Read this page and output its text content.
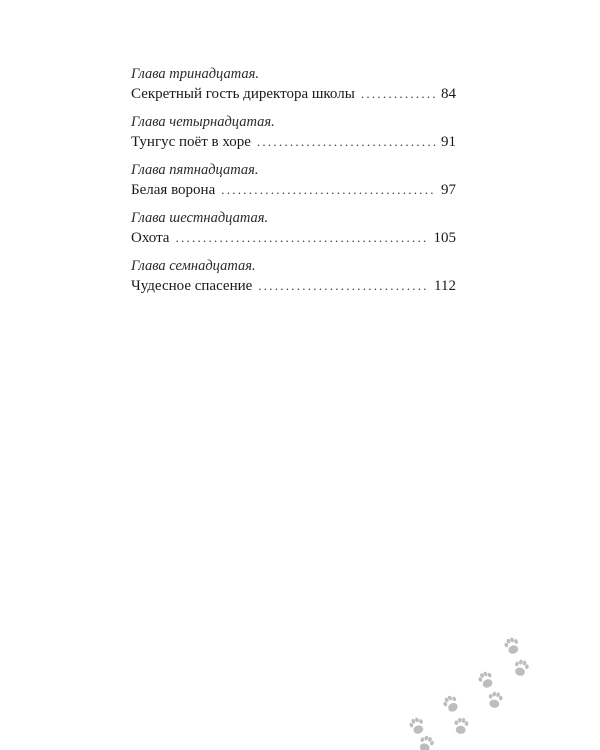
Глава тринадцатая.
Секретный гость директора школы . . .	84
Глава четырнадцатая.
Тунгус поёт в хоре . . .	91
Глава пятнадцатая.
Белая ворона . . .	97
Глава шестнадцатая.
Охота . . .	105
Глава семнадцатая.
Чудесное спасение . . .	112
